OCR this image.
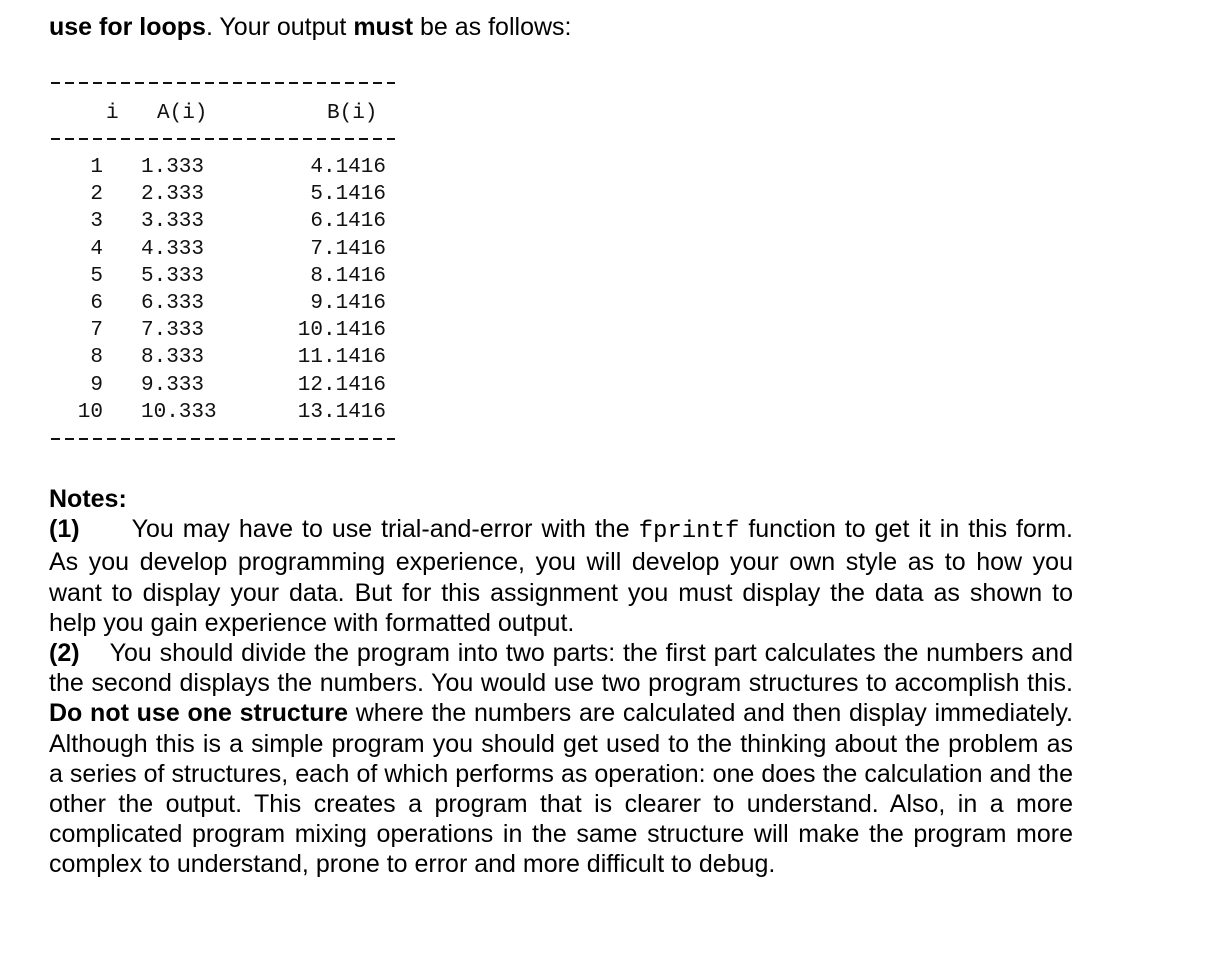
use for loops. Your output must be as follows:
i A(i)	B(i)
1 1.333	4.1416
2 2.333	5.1416
3 3.333	6.1416
4 4.333	7.1416
5 5.333	8.1416
6 6.333	9.1416
7 7.333	10.1416
8 8.333	11.1416
9 9.333	12.1416
10 10.333	13.1416
Notes:

(1) You may have to use trial-and-error with the fprintf function to get it in this form. As you develop programming experience, you will develop your own style as to how you want to display your data. But for this assignment you must display the data as shown to help you gain experience with formatted output.

(2) You should divide the program into two parts: the first part calculates the numbers and the second displays the numbers. You would use two program structures to accomplish this. Do not use one structure where the numbers are calculated and then display immediately. Although this is a simple program you should get used to the thinking about the problem as a series of structures, each of which performs as operation: one does the calculation and the other the output. This creates a program that is clearer to understand. Also, in a more complicated program mixing operations in the same structure will make the program more complex to understand, prone to error and more difficult to debug.
